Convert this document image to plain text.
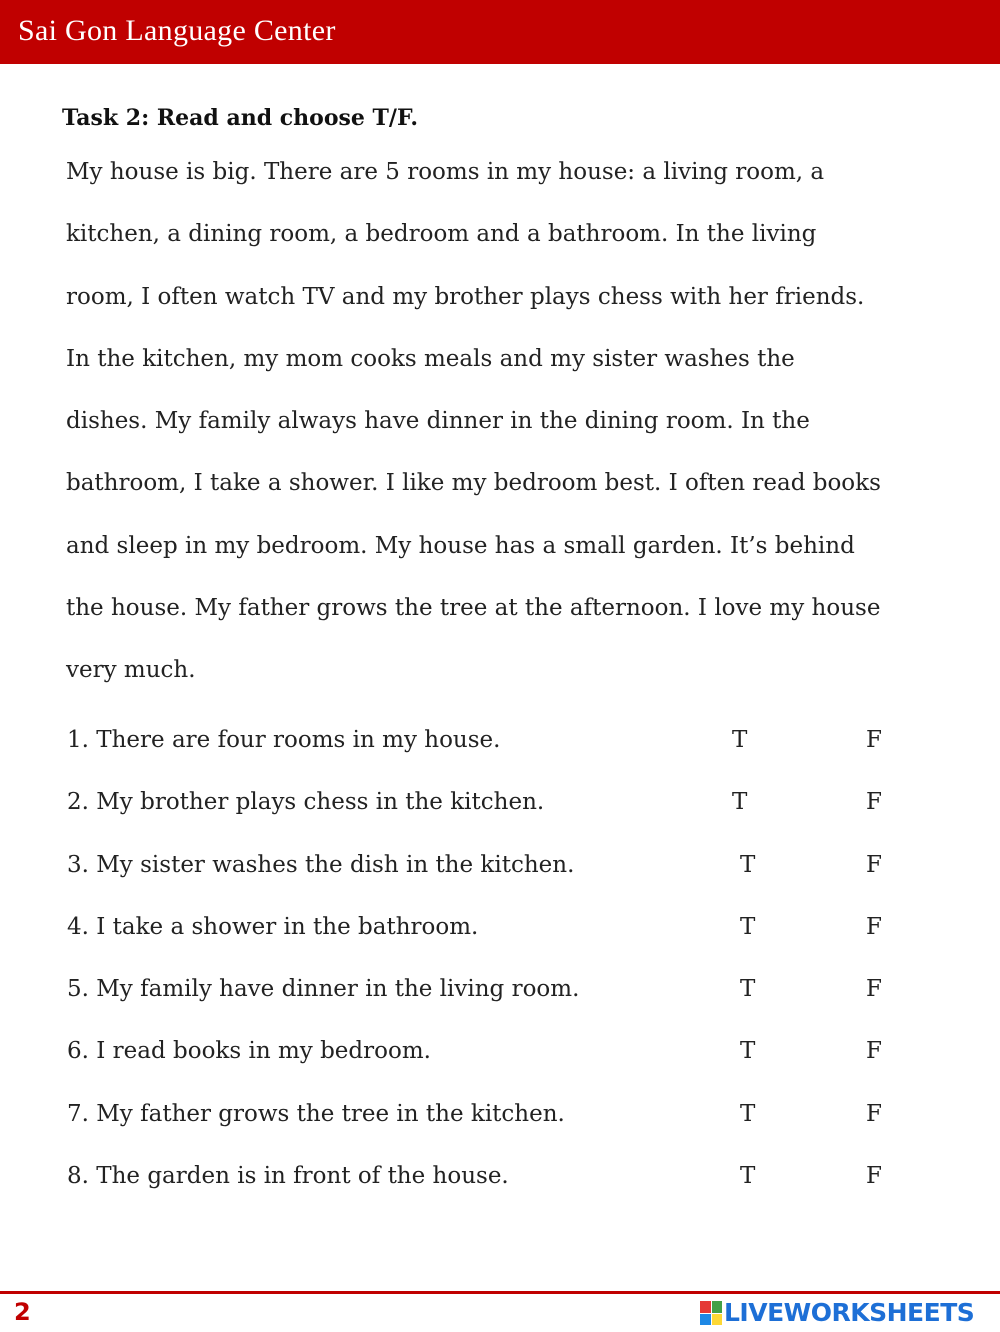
Sai Gon Language Center
Task 2: Read and choose T/F.
My house is big. There are 5 rooms in my house: a living room, a
kitchen, a dining room, a bedroom and a bathroom. In the living
room, I often watch TV and my brother plays chess with her friends.
In the kitchen, my mom cooks meals and my sister washes the
dishes. My family always have dinner in the dining room. In the
bathroom, I take a shower. I like my bedroom best. I often read books
and sleep in my bedroom. My house has a small garden. It’s behind
the house. My father grows the tree at the afternoon. I love my house
very much.
1. There are four rooms in my house.	T	F
2. My brother plays chess in the kitchen.	T	F
3. My sister washes the dish in the kitchen.	T	F
4. I take a shower in the bathroom.	T	F
5. My family have dinner in the living room.	T	F
6. I read books in my bedroom.	T	F
7. My father grows the tree in the kitchen.	T	F
8. The garden is in front of the house.	T	F
2	LIVEWORKSHEETS
